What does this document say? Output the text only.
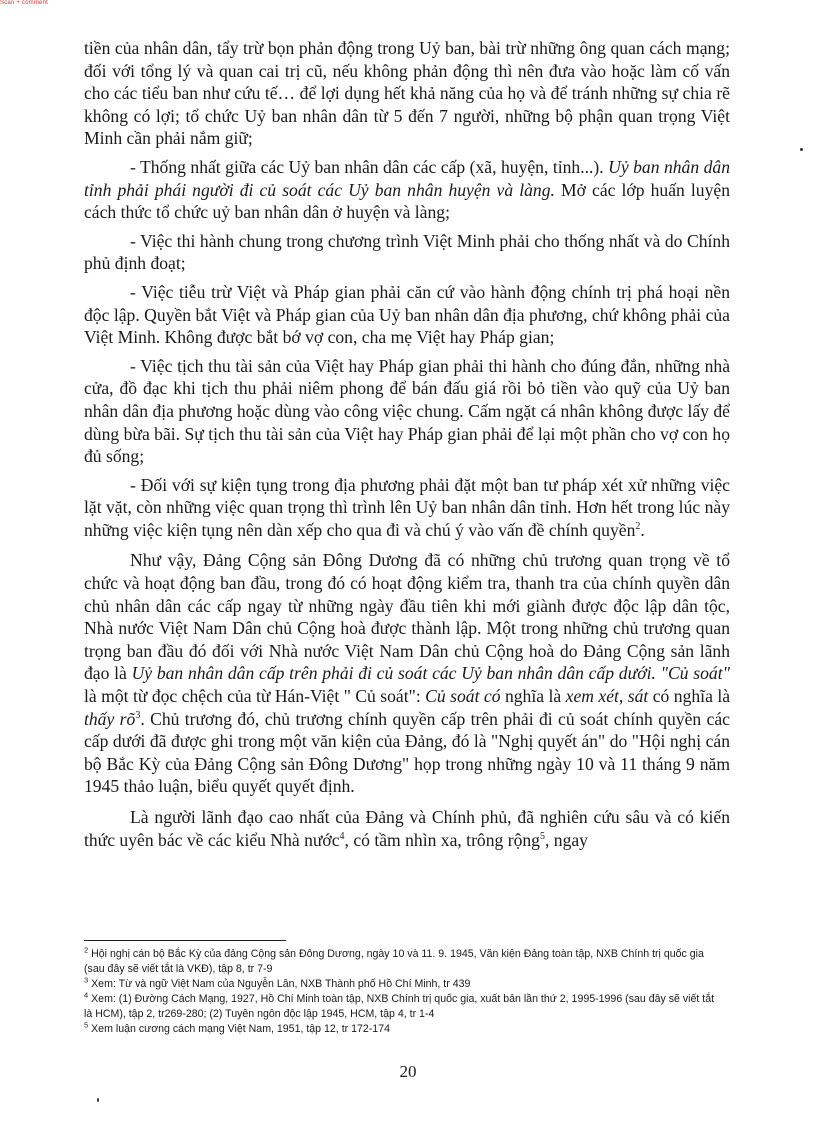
Scan + comment

tiền của nhân dân, tẩy trừ bọn phản động trong Uỷ ban, bài trừ những ông quan cách mạng; đối với tổng lý và quan cai trị cũ, nếu không phản động thì nên đưa vào hoặc làm cố vấn cho các tiểu ban như cứu tế… để lợi dụng hết khả năng của họ và để tránh những sự chia rẽ không có lợi; tổ chức Uỷ ban nhân dân từ 5 đến 7 người, những bộ phận quan trọng Việt Minh cần phải nắm giữ;

- Thống nhất giữa các Uỷ ban nhân dân các cấp (xã, huyện, tỉnh...). Uỷ ban nhân dân tỉnh phải phái người đi củ soát các Uỷ ban nhân huyện và làng. Mở các lớp huấn luyện cách thức tổ chức uỷ ban nhân dân ở huyện và làng;

- Việc thi hành chung trong chương trình Việt Minh phải cho thống nhất và do Chính phủ định đoạt;

- Việc tiễu trừ Việt và Pháp gian phải căn cứ vào hành động chính trị phá hoại nền độc lập. Quyền bắt Việt và Pháp gian của Uỷ ban nhân dân địa phương, chứ không phải của Việt Minh. Không được bắt bớ vợ con, cha mẹ Việt hay Pháp gian;

- Việc tịch thu tài sản của Việt hay Pháp gian phải thi hành cho đúng đắn, những nhà cửa, đồ đạc khi tịch thu phải niêm phong để bán đấu giá rồi bỏ tiền vào quỹ của Uỷ ban nhân dân địa phương hoặc dùng vào công việc chung. Cấm ngặt cá nhân không được lấy để dùng bừa bãi. Sự tịch thu tài sản của Việt hay Pháp gian phải để lại một phần cho vợ con họ đủ sống;

- Đối với sự kiện tụng trong địa phương phải đặt một ban tư pháp xét xử những việc lặt vặt, còn những việc quan trọng thì trình lên Uỷ ban nhân dân tỉnh. Hơn hết trong lúc này những việc kiện tụng nên dàn xếp cho qua đi và chú ý vào vấn đề chính quyền$^2$.

Như vậy, Đảng Cộng sản Đông Dương đã có những chủ trương quan trọng về tổ chức và hoạt động ban đầu, trong đó có hoạt động kiểm tra, thanh tra của chính quyền dân chủ nhân dân các cấp ngay từ những ngày đầu tiên khi mới giành được độc lập dân tộc, Nhà nước Việt Nam Dân chủ Cộng hoà được thành lập. Một trong những chủ trương quan trọng ban đầu đó đối với Nhà nước Việt Nam Dân chủ Cộng hoà do Đảng Cộng sản lãnh đạo là Uỷ ban nhân dân cấp trên phải đi củ soát các Uỷ ban nhân dân cấp dưới. "Củ soát" là một từ đọc chệch của từ Hán-Việt " Củ soát": Củ soát có nghĩa là xem xét, sát có nghĩa là thấy $rõ^3$. Chủ trương đó, chủ trương chính quyền cấp trên phải đi củ soát chính quyền các cấp dưới đã được ghi trong một văn kiện của Đảng, đó là "Nghị quyết án" do "Hội nghị cán bộ Bắc Kỳ của Đảng Cộng sản Đông Dương" họp trong những ngày 10 và 11 tháng 9 năm 1945 thảo luận, biểu quyết quyết định.

Là người lãnh đạo cao nhất của Đảng và Chính phủ, đã nghiên cứu sâu và có kiến thức uyên bác về các kiểu Nhà nước$^4$, có tầm nhìn xa, trông rộng$^5$, ngay

$^2$ Hội nghị cán bộ Bắc Kỳ của đảng Cộng sản Đông Dương, ngày 10 và 11. 9. 1945, Văn kiện Đảng toàn tập, NXB Chính trị quốc gia (sau đây sẽ viết tắt là VKĐ), tập 8, tr 7-9
$^3$ Xem: Từ và ngữ Việt Nam của Nguyễn Lân, NXB Thành phố Hồ Chí Minh, tr 439
$^4$ Xem: (1) Đường Cách Mạng, 1927, Hồ Chí Minh toàn tập, NXB Chính trị quốc gia, xuất bản lần thứ 2, 1995-1996 (sau đây sẽ viết tắt là HCM), tập 2, tr269-280; (2) Tuyên ngôn độc lập 1945, HCM, tập 4, tr 1-4
$^5$ Xem luận cương cách mạng Việt Nam, 1951, tập 12, tr 172-174
20
